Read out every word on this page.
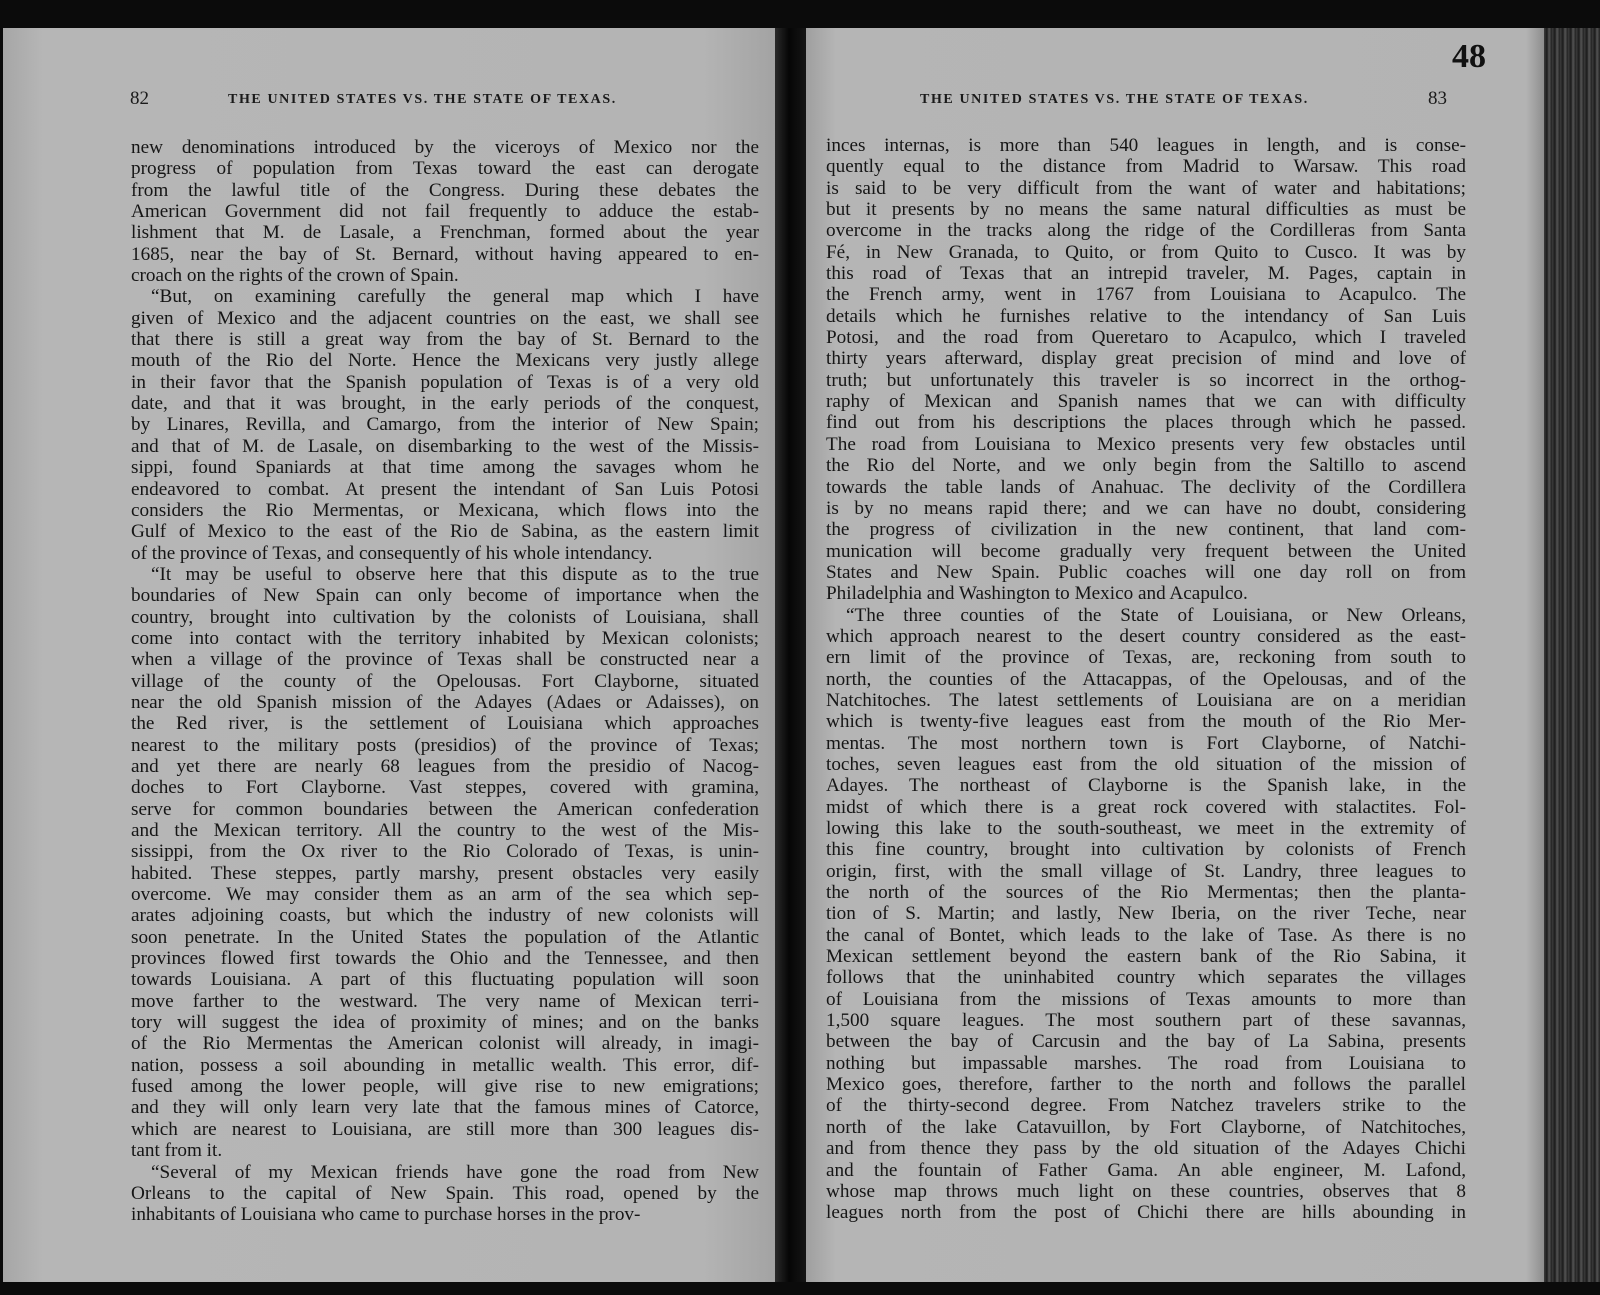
82	THE UNITED STATES VS. THE STATE OF TEXAS.	THE UNITED STATES VS. THE STATE OF TEXAS.	83
48
new denominations introduced by the viceroys of Mexico nor the
progress of population from Texas toward the east can derogate
from the lawful title of the Congress. During these debates the
American Government did not fail frequently to adduce the estab-
lishment that M. de Lasale, a Frenchman, formed about the year
1685, near the bay of St. Bernard, without having appeared to en-
croach on the rights of the crown of Spain.
“But, on examining carefully the general map which I have
given of Mexico and the adjacent countries on the east, we shall see
that there is still a great way from the bay of St. Bernard to the
mouth of the Rio del Norte. Hence the Mexicans very justly allege
in their favor that the Spanish population of Texas is of a very old
date, and that it was brought, in the early periods of the conquest,
by Linares, Revilla, and Camargo, from the interior of New Spain;
and that of M. de Lasale, on disembarking to the west of the Missis-
sippi, found Spaniards at that time among the savages whom he
endeavored to combat. At present the intendant of San Luis Potosi
considers the Rio Mermentas, or Mexicana, which flows into the
Gulf of Mexico to the east of the Rio de Sabina, as the eastern limit
of the province of Texas, and consequently of his whole intendancy.
“It may be useful to observe here that this dispute as to the true
boundaries of New Spain can only become of importance when the
country, brought into cultivation by the colonists of Louisiana, shall
come into contact with the territory inhabited by Mexican colonists;
when a village of the province of Texas shall be constructed near a
village of the county of the Opelousas. Fort Clayborne, situated
near the old Spanish mission of the Adayes (Adaes or Adaisses), on
the Red river, is the settlement of Louisiana which approaches
nearest to the military posts (presidios) of the province of Texas;
and yet there are nearly 68 leagues from the presidio of Nacog-
doches to Fort Clayborne. Vast steppes, covered with gramina,
serve for common boundaries between the American confederation
and the Mexican territory. All the country to the west of the Mis-
sissippi, from the Ox river to the Rio Colorado of Texas, is unin-
habited. These steppes, partly marshy, present obstacles very easily
overcome. We may consider them as an arm of the sea which sep-
arates adjoining coasts, but which the industry of new colonists will
soon penetrate. In the United States the population of the Atlantic
provinces flowed first towards the Ohio and the Tennessee, and then
towards Louisiana. A part of this fluctuating population will soon
move farther to the westward. The very name of Mexican terri-
tory will suggest the idea of proximity of mines; and on the banks
of the Rio Mermentas the American colonist will already, in imagi-
nation, possess a soil abounding in metallic wealth. This error, dif-
fused among the lower people, will give rise to new emigrations;
and they will only learn very late that the famous mines of Catorce,
which are nearest to Louisiana, are still more than 300 leagues dis-
tant from it.
“Several of my Mexican friends have gone the road from New
Orleans to the capital of New Spain. This road, opened by the
inhabitants of Louisiana who came to purchase horses in the prov-
inces internas, is more than 540 leagues in length, and is conse-
quently equal to the distance from Madrid to Warsaw. This road
is said to be very difficult from the want of water and habitations;
but it presents by no means the same natural difficulties as must be
overcome in the tracks along the ridge of the Cordilleras from Santa
Fé, in New Granada, to Quito, or from Quito to Cusco. It was by
this road of Texas that an intrepid traveler, M. Pages, captain in
the French army, went in 1767 from Louisiana to Acapulco. The
details which he furnishes relative to the intendancy of San Luis
Potosi, and the road from Queretaro to Acapulco, which I traveled
thirty years afterward, display great precision of mind and love of
truth; but unfortunately this traveler is so incorrect in the orthog-
raphy of Mexican and Spanish names that we can with difficulty
find out from his descriptions the places through which he passed.
The road from Louisiana to Mexico presents very few obstacles until
the Rio del Norte, and we only begin from the Saltillo to ascend
towards the table lands of Anahuac. The declivity of the Cordillera
is by no means rapid there; and we can have no doubt, considering
the progress of civilization in the new continent, that land com-
munication will become gradually very frequent between the United
States and New Spain. Public coaches will one day roll on from
Philadelphia and Washington to Mexico and Acapulco.
“The three counties of the State of Louisiana, or New Orleans,
which approach nearest to the desert country considered as the east-
ern limit of the province of Texas, are, reckoning from south to
north, the counties of the Attacappas, of the Opelousas, and of the
Natchitoches. The latest settlements of Louisiana are on a meridian
which is twenty-five leagues east from the mouth of the Rio Mer-
mentas. The most northern town is Fort Clayborne, of Natchi-
toches, seven leagues east from the old situation of the mission of
Adayes. The northeast of Clayborne is the Spanish lake, in the
midst of which there is a great rock covered with stalactites. Fol-
lowing this lake to the south-southeast, we meet in the extremity of
this fine country, brought into cultivation by colonists of French
origin, first, with the small village of St. Landry, three leagues to
the north of the sources of the Rio Mermentas; then the planta-
tion of S. Martin; and lastly, New Iberia, on the river Teche, near
the canal of Bontet, which leads to the lake of Tase. As there is no
Mexican settlement beyond the eastern bank of the Rio Sabina, it
follows that the uninhabited country which separates the villages
of Louisiana from the missions of Texas amounts to more than
1,500 square leagues. The most southern part of these savannas,
between the bay of Carcusin and the bay of La Sabina, presents
nothing but impassable marshes. The road from Louisiana to
Mexico goes, therefore, farther to the north and follows the parallel
of the thirty-second degree. From Natchez travelers strike to the
north of the lake Catavuillon, by Fort Clayborne, of Natchitoches,
and from thence they pass by the old situation of the Adayes Chichi
and the fountain of Father Gama. An able engineer, M. Lafond,
whose map throws much light on these countries, observes that 8
leagues north from the post of Chichi there are hills abounding in
